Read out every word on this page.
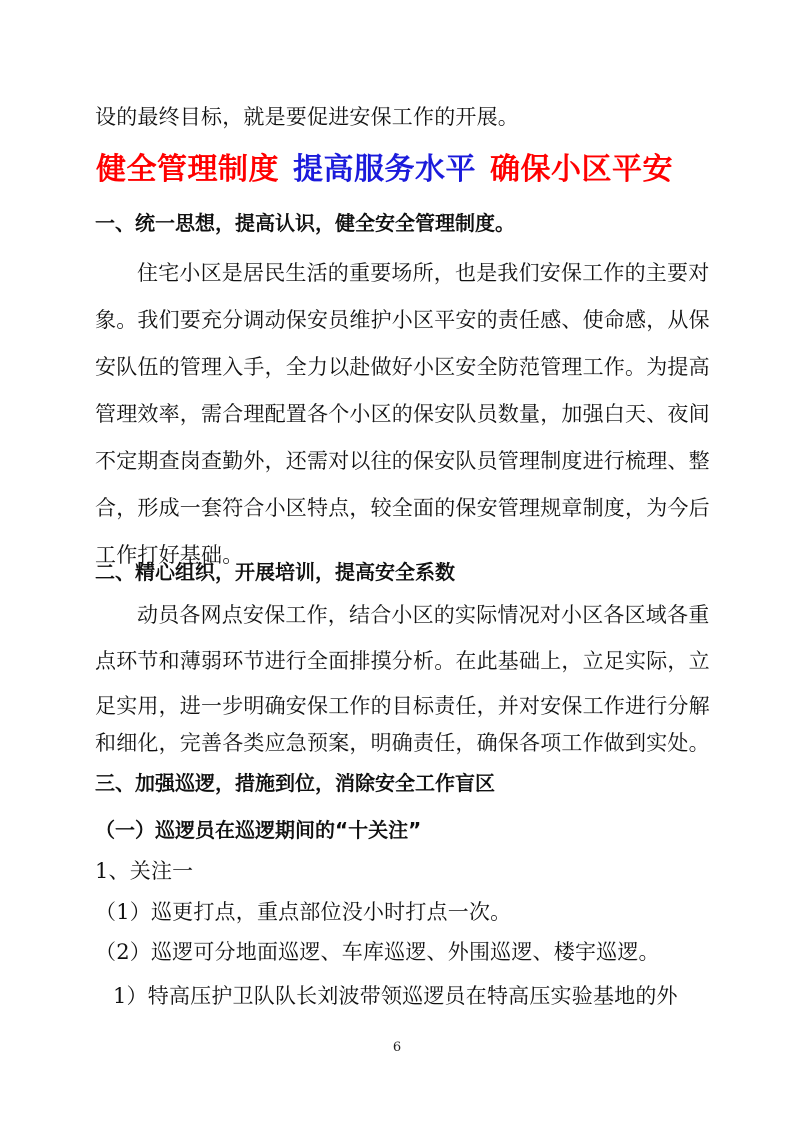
设的最终目标，就是要促进安保工作的开展。
健全管理制度 提高服务水平 确保小区平安
一、统一思想，提高认识，健全安全管理制度。
住宅小区是居民生活的重要场所，也是我们安保工作的主要对
象。我们要充分调动保安员维护小区平安的责任感、使命感，从保
安队伍的管理入手，全力以赴做好小区安全防范管理工作。为提高
管理效率，需合理配置各个小区的保安队员数量，加强白天、夜间
不定期查岗查勤外，还需对以往的保安队员管理制度进行梳理、整
合，形成一套符合小区特点，较全面的保安管理规章制度，为今后
工作打好基础。
二、精心组织，开展培训，提高安全系数
动员各网点安保工作，结合小区的实际情况对小区各区域各重
点环节和薄弱环节进行全面排摸分析。在此基础上，立足实际，立
足实用，进一步明确安保工作的目标责任，并对安保工作进行分解
和细化，完善各类应急预案，明确责任，确保各项工作做到实处。
三、加强巡逻，措施到位，消除安全工作盲区
（一）巡逻员在巡逻期间的“十关注”
1、关注一
（1）巡更打点，重点部位没小时打点一次。
（2）巡逻可分地面巡逻、车库巡逻、外围巡逻、楼宇巡逻。
1）特高压护卫队队长刘波带领巡逻员在特高压实验基地的外
6
